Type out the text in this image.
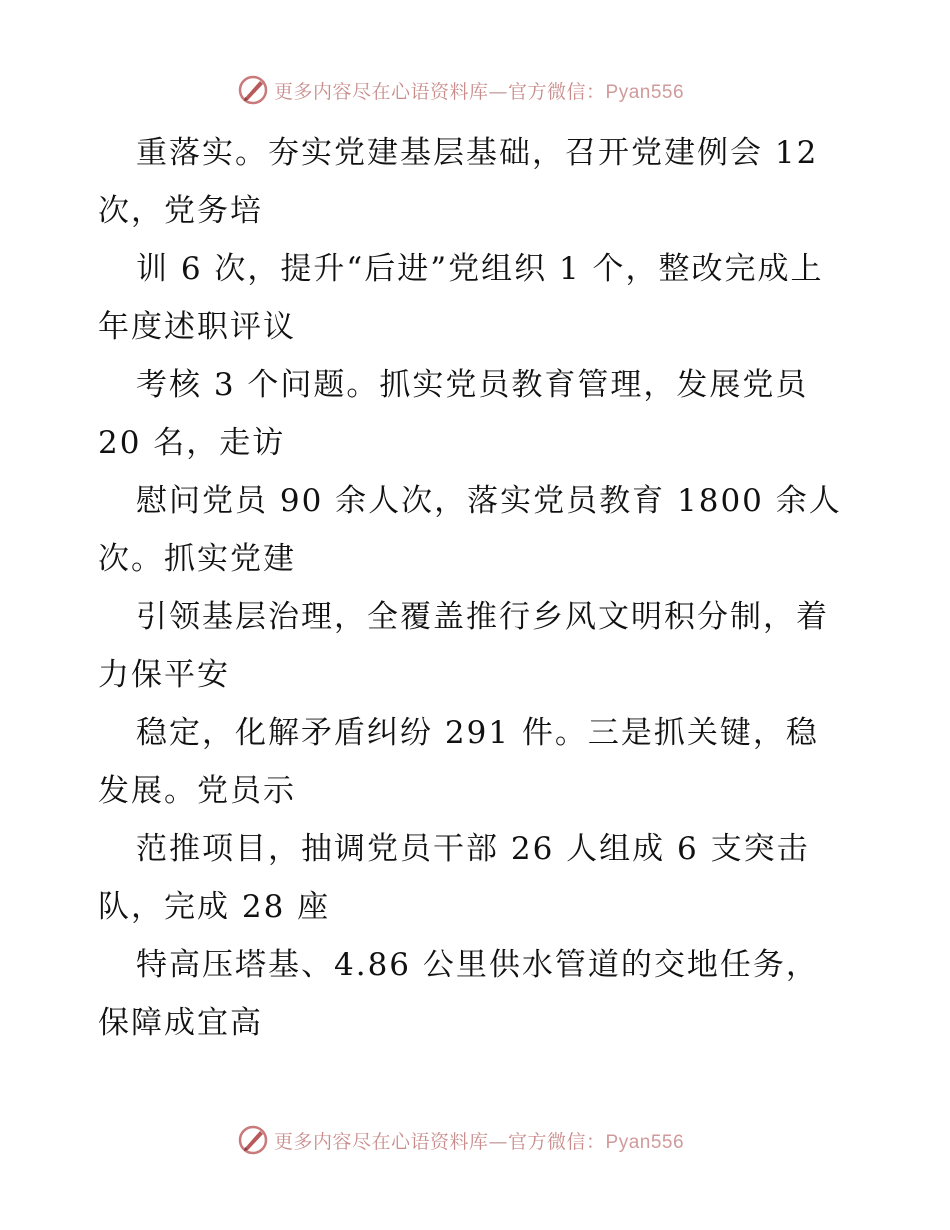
更多内容尽在心语资料库—官方微信：Pyan556
重落实。夯实党建基层基础，召开党建例会 12
次，党务培
训 6 次，提升“后进”党组织 1 个，整改完成上
年度述职评议
考核 3 个问题。抓实党员教育管理，发展党员
20 名，走访
慰问党员 90 余人次，落实党员教育 1800 余人
次。抓实党建
引领基层治理，全覆盖推行乡风文明积分制，着
力保平安
稳定，化解矛盾纠纷 291 件。三是抓关键，稳
发展。党员示
范推项目，抽调党员干部 26 人组成 6 支突击
队，完成 28 座
特高压塔基、4.86 公里供水管道的交地任务，
保障成宜高
更多内容尽在心语资料库—官方微信：Pyan556
